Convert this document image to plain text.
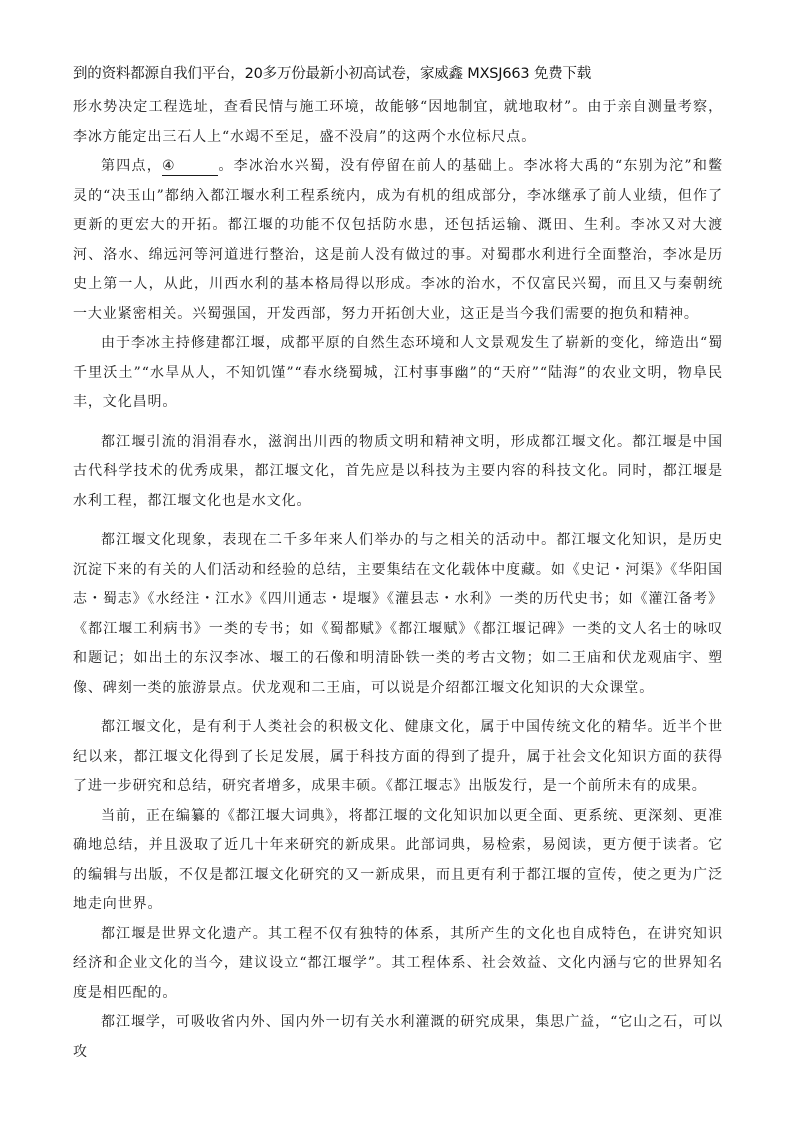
到的资料都源自我们平台，20多万份最新小初高试卷，家威鑫 MXSJ663 免费下载

形水势决定工程选址，查看民情与施工环境，故能够“因地制宜，就地取材”。由于亲自测量考察，李冰方能定出三石人上“水竭不至足，盛不没肩”的这两个水位标尺点。

第四点，④	。李冰治水兴蜀，没有停留在前人的基础上。李冰将大禹的“东别为沱”和鳖灵的“决玉山”都纳入都江堰水利工程系统内，成为有机的组成部分，李冰继承了前人业绩，但作了更新的更宏大的开拓。都江堰的功能不仅包括防水患，还包括运输、溉田、生利。李冰又对大渡河、洛水、绵远河等河道进行整治，这是前人没有做过的事。对蜀郡水利进行全面整治，李冰是历史上第一人，从此，川西水利的基本格局得以形成。李冰的治水，不仅富民兴蜀，而且又与秦朝统一大业紧密相关。兴蜀强国，开发西部，努力开拓创大业，这正是当今我们需要的抱负和精神。

由于李冰主持修建都江堰，成都平原的自然生态环境和人文景观发生了崭新的变化，缔造出“蜀千里沃土”“水旱从人，不知饥馑”“春水绕蜀城，江村事事幽”的“天府”“陆海”的农业文明，物阜民丰，文化昌明。

都江堰引流的涓涓春水，滋润出川西的物质文明和精神文明，形成都江堰文化。都江堰是中国古代科学技术的优秀成果，都江堰文化，首先应是以科技为主要内容的科技文化。同时，都江堰是水利工程，都江堰文化也是水文化。

都江堰文化现象，表现在二千多年来人们举办的与之相关的活动中。都江堰文化知识，是历史沉淀下来的有关的人们活动和经验的总结，主要集结在文化载体中度藏。如《史记・河渠》《华阳国志・蜀志》《水经注・江水》《四川通志・堤堰》《灌县志・水利》一类的历代史书；如《灌江备考》《都江堰工利病书》一类的专书；如《蜀都赋》《都江堰赋》《都江堰记碑》一类的文人名士的咏叹和题记；如出土的东汉李冰、堰工的石像和明清卧铁一类的考古文物；如二王庙和伏龙观庙宇、塑像、碑刻一类的旅游景点。伏龙观和二王庙，可以说是介绍都江堰文化知识的大众课堂。

都江堰文化，是有利于人类社会的积极文化、健康文化，属于中国传统文化的精华。近半个世纪以来，都江堰文化得到了长足发展，属于科技方面的得到了提升，属于社会文化知识方面的获得了进一步研究和总结，研究者增多，成果丰硕。《都江堰志》出版发行，是一个前所未有的成果。

当前，正在编纂的《都江堰大词典》，将都江堰的文化知识加以更全面、更系统、更深刻、更准确地总结，并且汲取了近几十年来研究的新成果。此部词典，易检索，易阅读，更方便于读者。它的编辑与出版，不仅是都江堰文化研究的又一新成果，而且更有利于都江堰的宣传，使之更为广泛地走向世界。

都江堰是世界文化遗产。其工程不仅有独特的体系，其所产生的文化也自成特色，在讲究知识经济和企业文化的当今，建议设立“都江堰学”。其工程体系、社会效益、文化内涵与它的世界知名度是相匹配的。

都江堰学，可吸收省内外、国内外一切有关水利灌溉的研究成果，集思广益，“它山之石，可以攻
